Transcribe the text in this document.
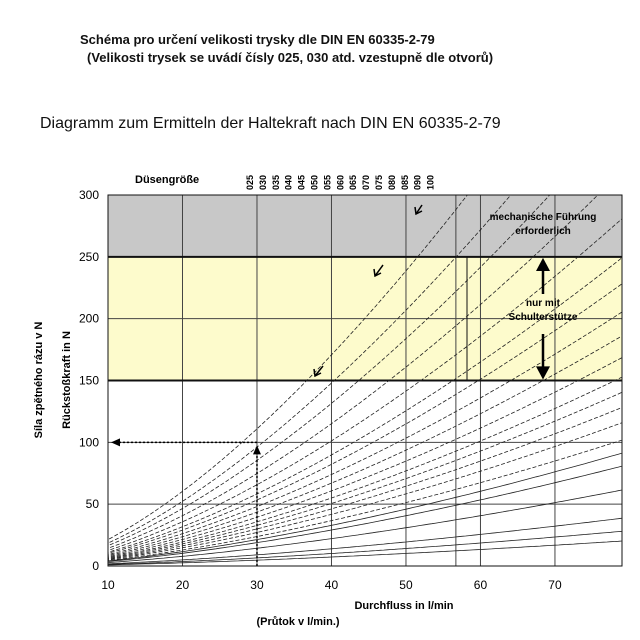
Schéma pro určení velikosti trysky dle DIN EN 60335-2-79
(Velikosti trysek se uvádí čísly 025, 030 atd. vzestupně dle otvorů)
Diagramm zum Ermitteln der Haltekraft nach DIN EN 60335-2-79
025 030 035 040 045 050 055 060 065 070 075 080 085 090 100
10	20	30	40	50	60	70
0
50
100
150
200
250
300
mechanische Führung
erforderlich
nur mit
Schulterstütze
Düsengröße
Síla zpětného rázu v N Rückstoßkraft in N
Durchfluss in l/min
(Průtok v l/min.)
